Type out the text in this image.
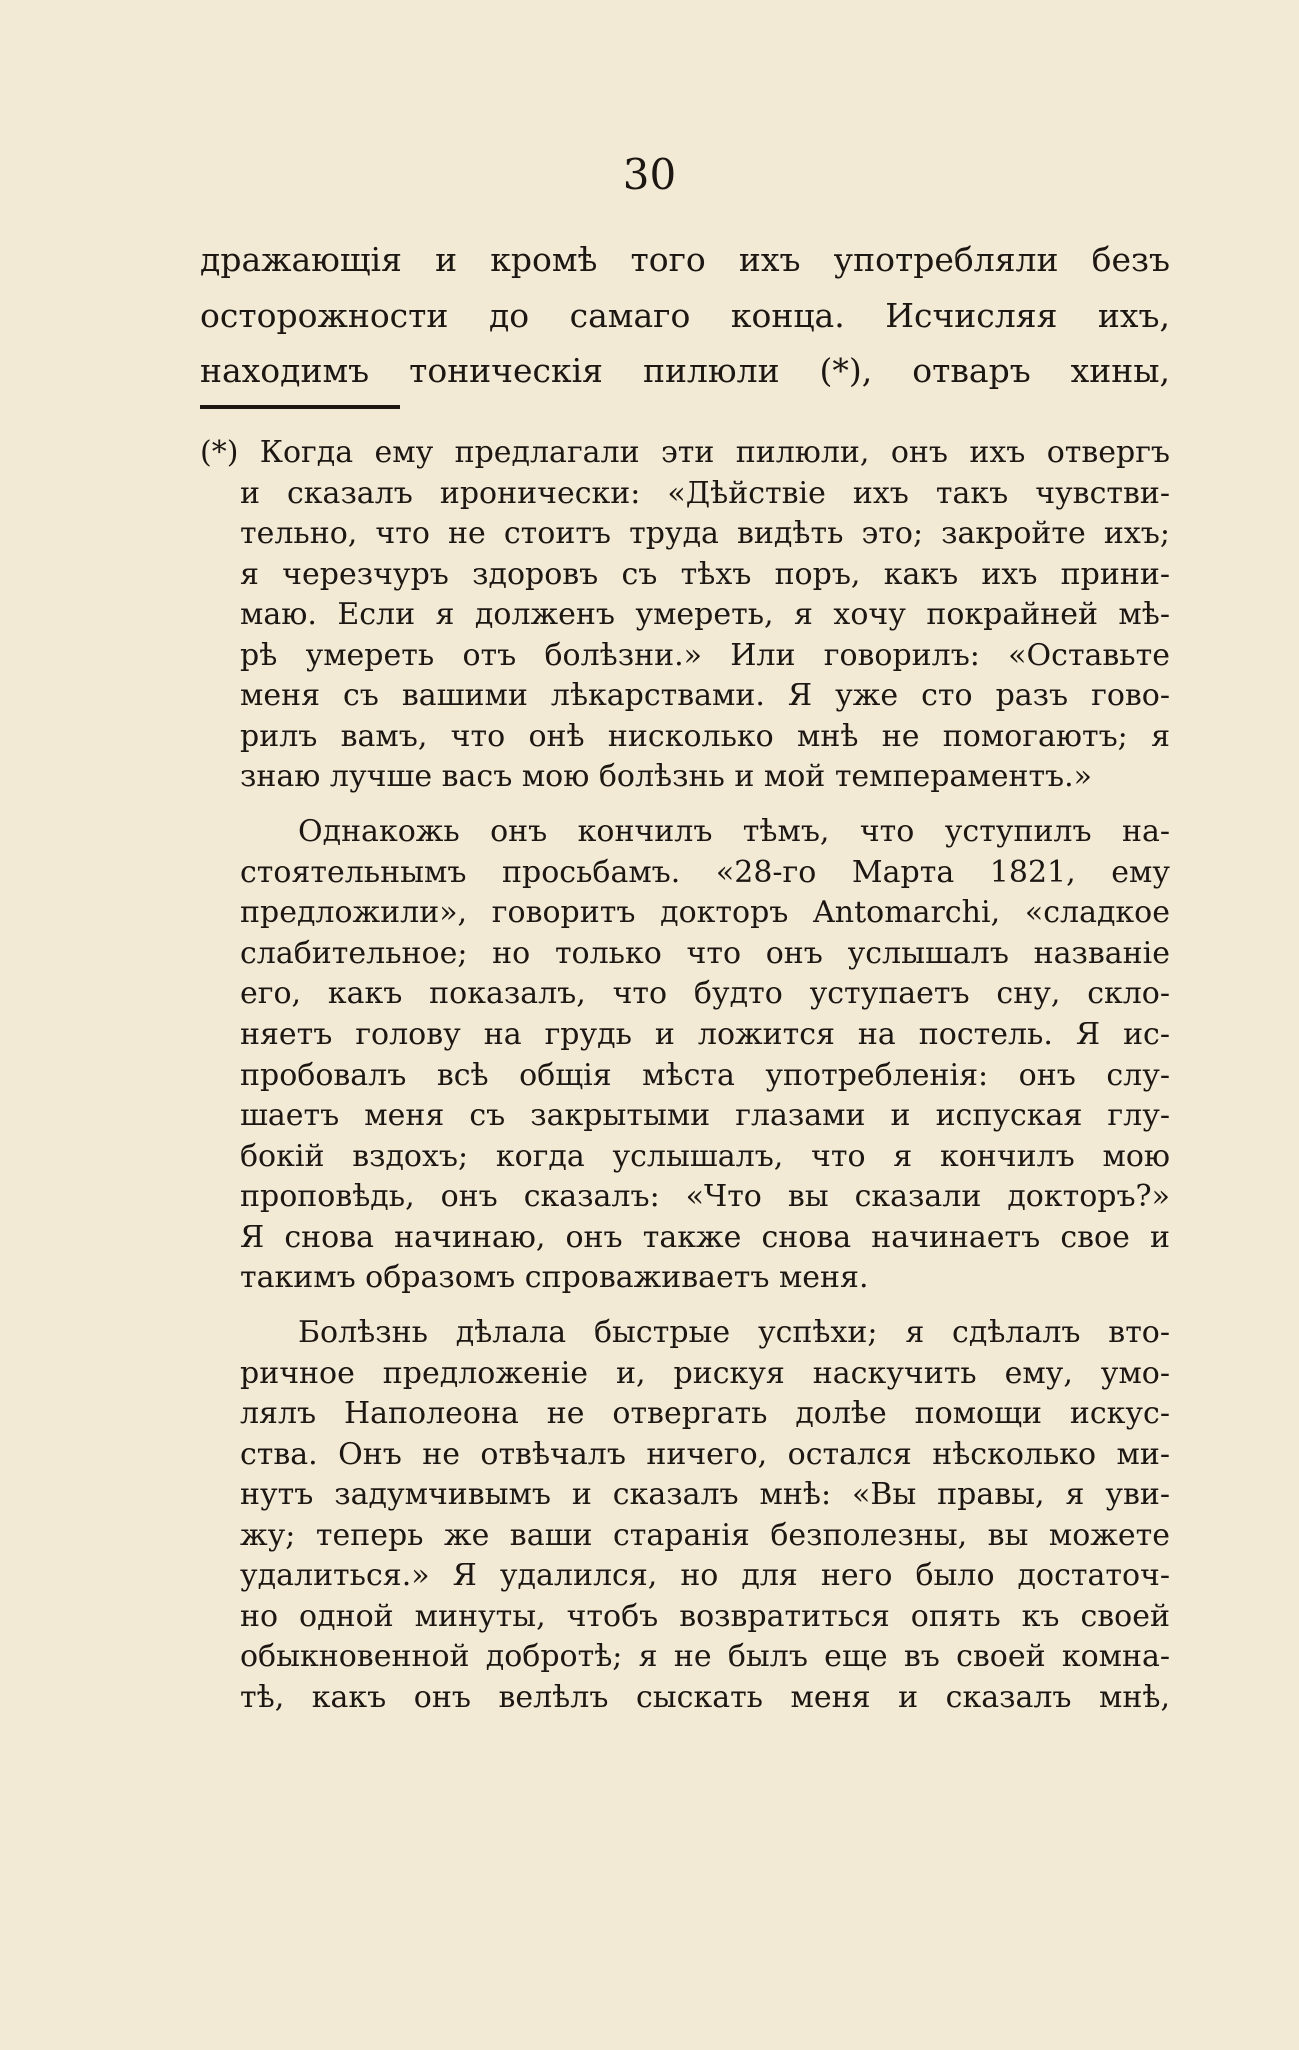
30
дражающія и кромѣ того ихъ употребляли безъ
осторожности до самаго конца. Исчисляя ихъ,
находимъ тоническія пилюли (*), отваръ хины,
(*) Когда ему предлагали эти пилюли, онъ ихъ отвергъ
и сказалъ иронически: «Дѣйствіе ихъ такъ чувстви-
тельно, что не стоитъ труда видѣть это; закройте ихъ;
я черезчуръ здоровъ съ тѣхъ поръ, какъ ихъ прини-
маю. Если я долженъ умереть, я хочу покрайней мѣ-
рѣ умереть отъ болѣзни.» Или говорилъ: «Оставьте
меня съ вашими лѣкарствами. Я уже сто разъ гово-
рилъ вамъ, что онѣ нисколько мнѣ не помогаютъ; я
знаю лучше васъ мою болѣзнь и мой темпераментъ.»
Однакожь онъ кончилъ тѣмъ, что уступилъ на-
стоятельнымъ просьбамъ. «28-го Марта 1821, ему
предложили», говоритъ докторъ Antomarchi, «сладкое
слабительное; но только что онъ услышалъ названіе
его, какъ показалъ, что будто уступаетъ сну, скло-
няетъ голову на грудь и ложится на постель. Я ис-
пробовалъ всѣ общія мѣста употребленія: онъ слу-
шаетъ меня съ закрытыми глазами и испуская глу-
бокій вздохъ; когда услышалъ, что я кончилъ мою
проповѣдь, онъ сказалъ: «Что вы сказали докторъ?»
Я снова начинаю, онъ также снова начинаетъ свое и
такимъ образомъ спроваживаетъ меня.
Болѣзнь дѣлала быстрые успѣхи; я сдѣлалъ вто-
ричное предложеніе и, рискуя наскучить ему, умо-
лялъ Наполеона не отвергать долѣе помощи искус-
ства. Онъ не отвѣчалъ ничего, остался нѣсколько ми-
нутъ задумчивымъ и сказалъ мнѣ: «Вы правы, я уви-
жу; теперь же ваши старанія безполезны, вы можете
удалиться.» Я удалился, но для него было достаточ-
но одной минуты, чтобъ возвратиться опять къ своей
обыкновенной добротѣ; я не былъ еще въ своей комна-
тѣ, какъ онъ велѣлъ сыскать меня и сказалъ мнѣ,
